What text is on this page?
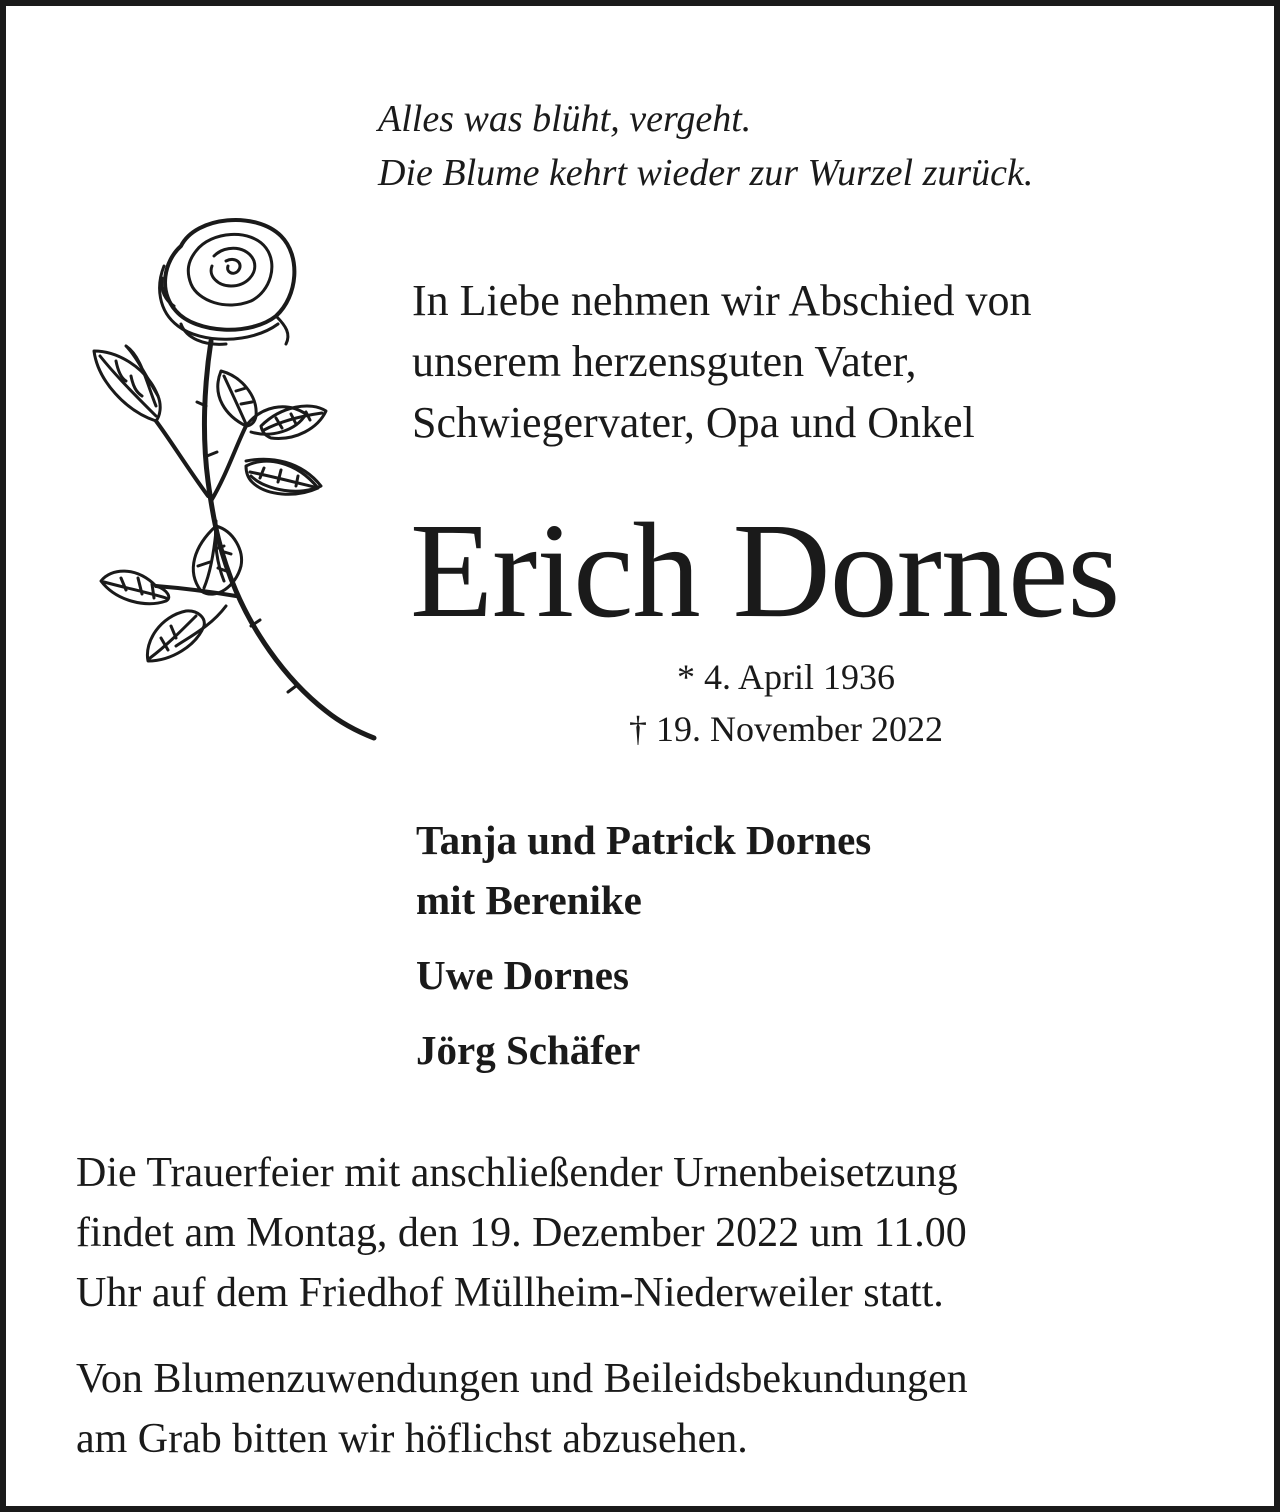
Alles was blüht, vergeht.
Die Blume kehrt wieder zur Wurzel zurück.

In Liebe nehmen wir Abschied von
unserem herzensguten Vater,
Schwiegervater, Opa und Onkel

Erich Dornes
* 4. April 1936
† 19. November 2022
Tanja und Patrick Dornes
mit Berenike
Uwe Dornes
Jörg Schäfer

Die Trauerfeier mit anschließender Urnenbeisetzung
findet am Montag, den 19. Dezember 2022 um 11.00
Uhr auf dem Friedhof Müllheim-Niederweiler statt.

Von Blumenzuwendungen und Beileidsbekundungen
am Grab bitten wir höflichst abzusehen.
